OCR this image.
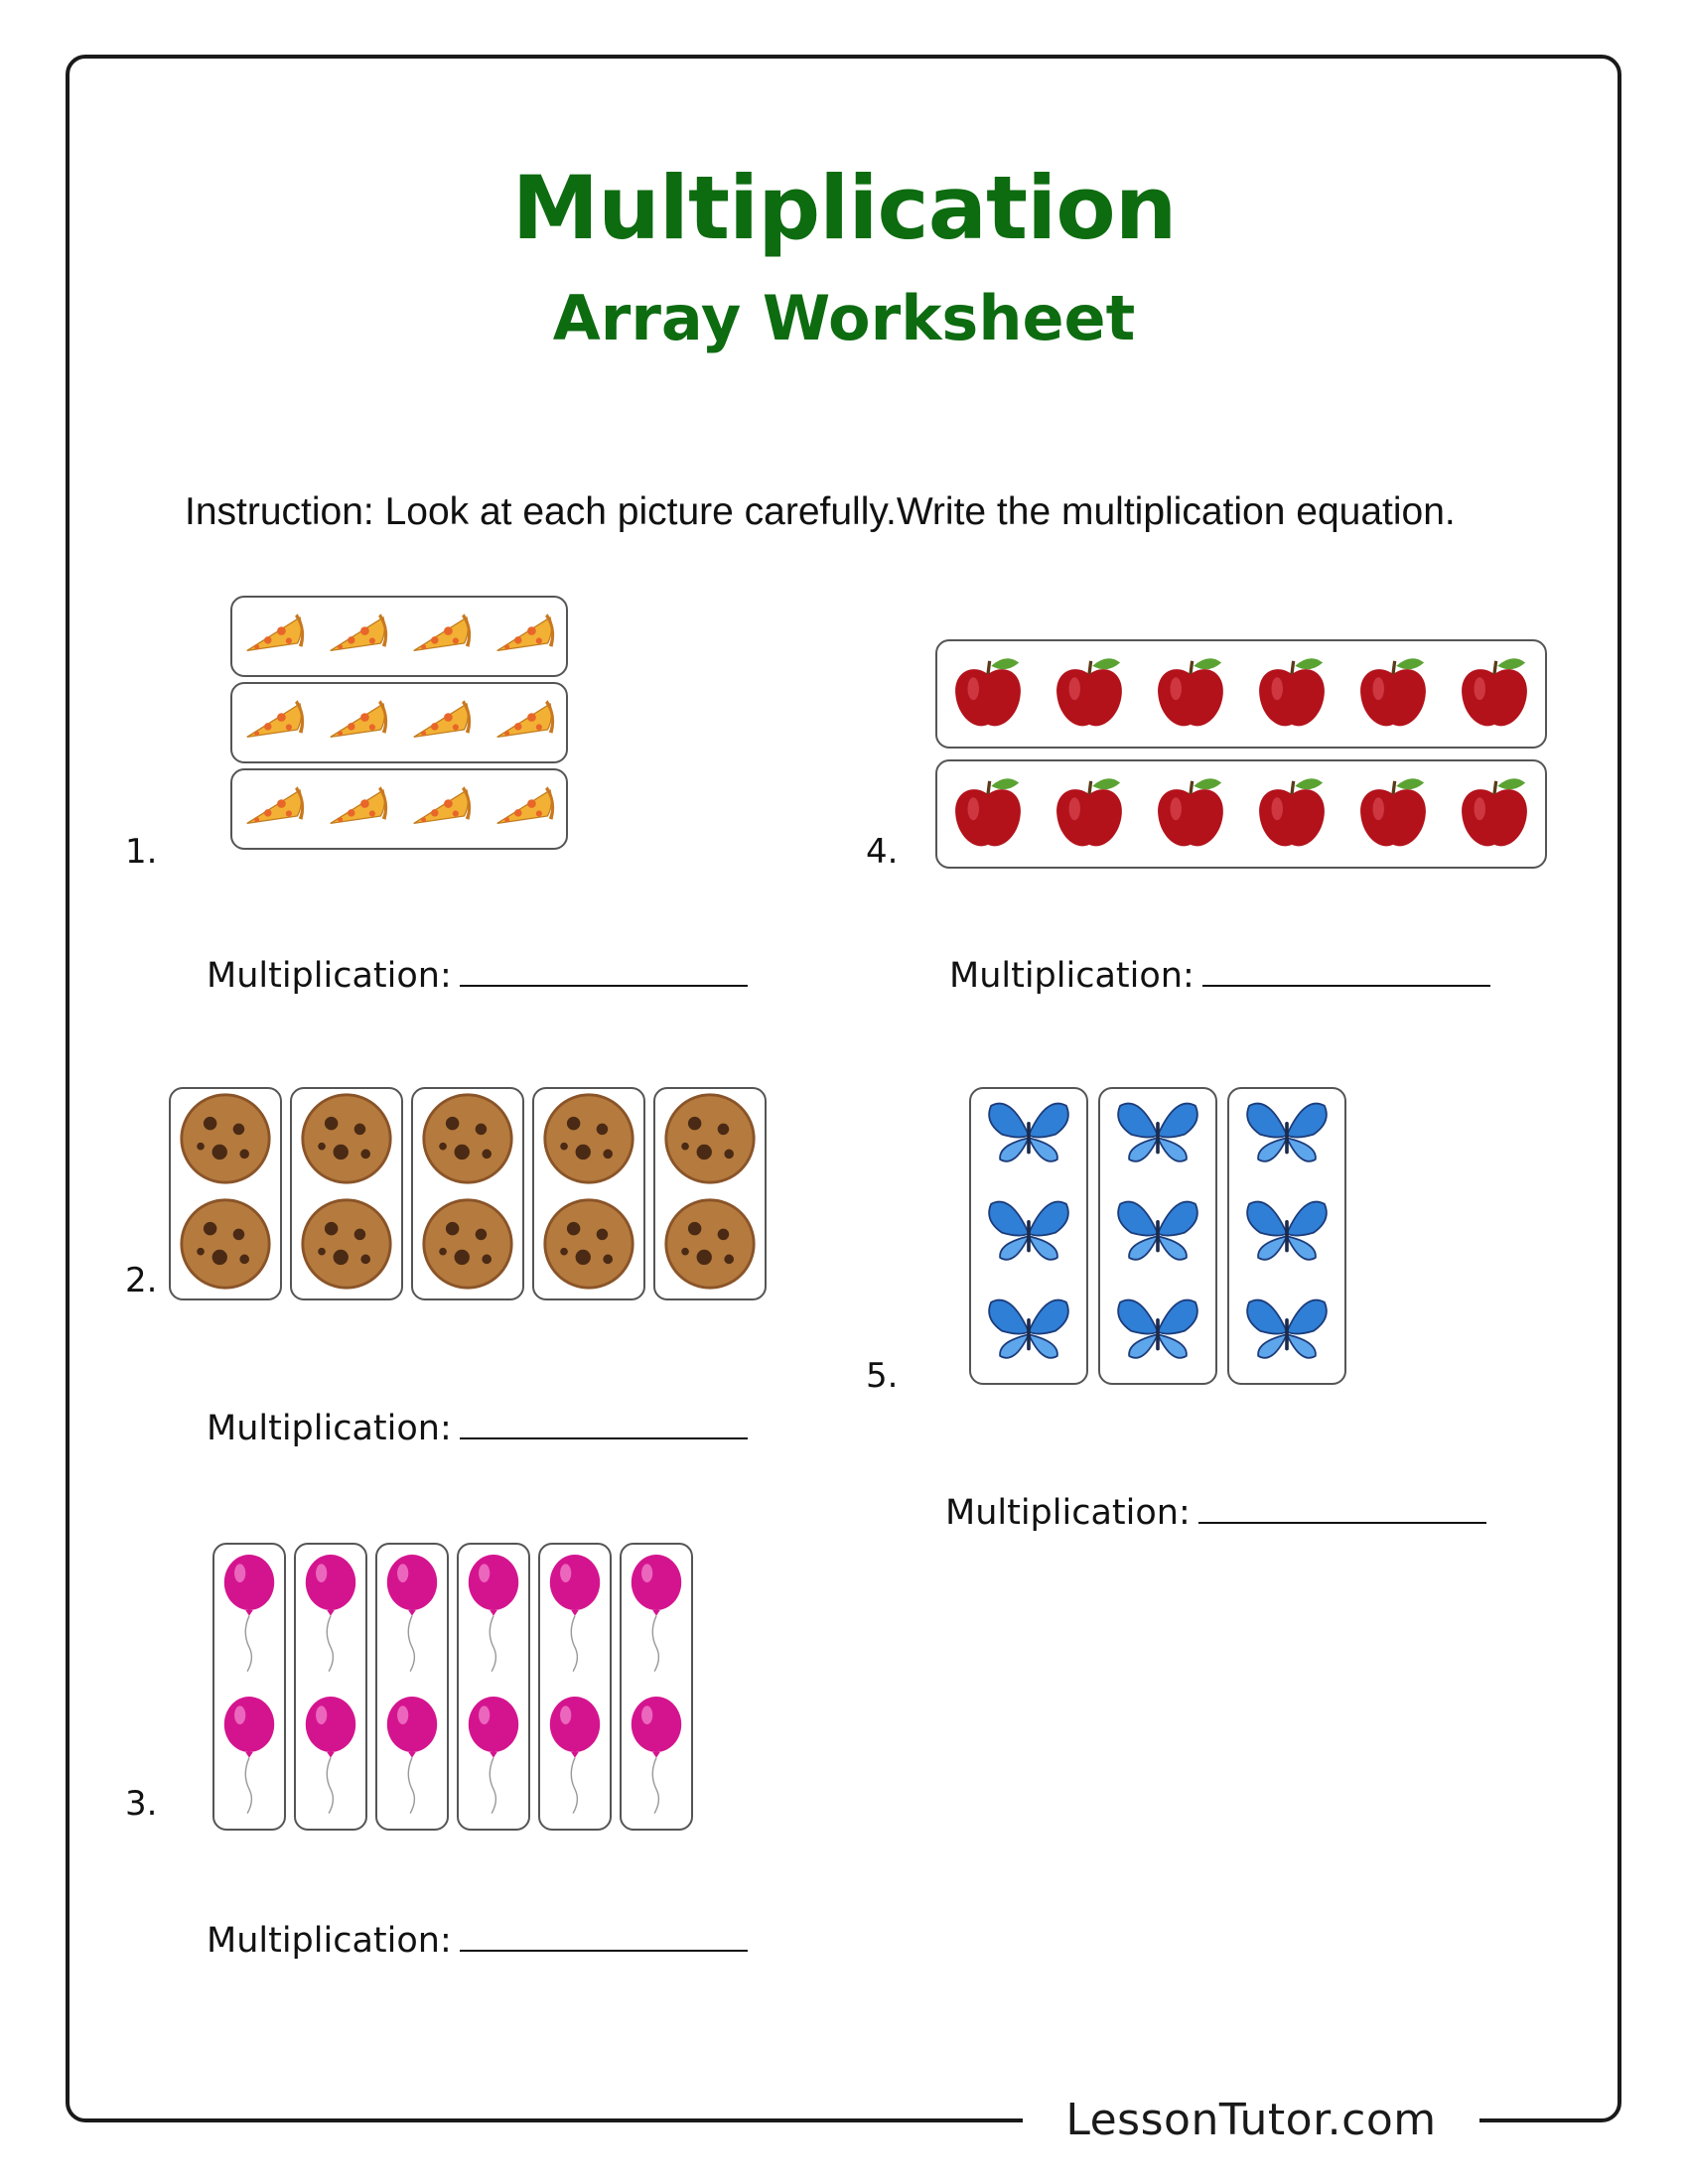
LessonTutor.com
Multiplication
Array Worksheet
Instruction: Look at each picture carefully.Write the multiplication equation.
1.
Multiplication:
2.
Multiplication:
3.
Multiplication:
4.
Multiplication:
5.
Multiplication:
